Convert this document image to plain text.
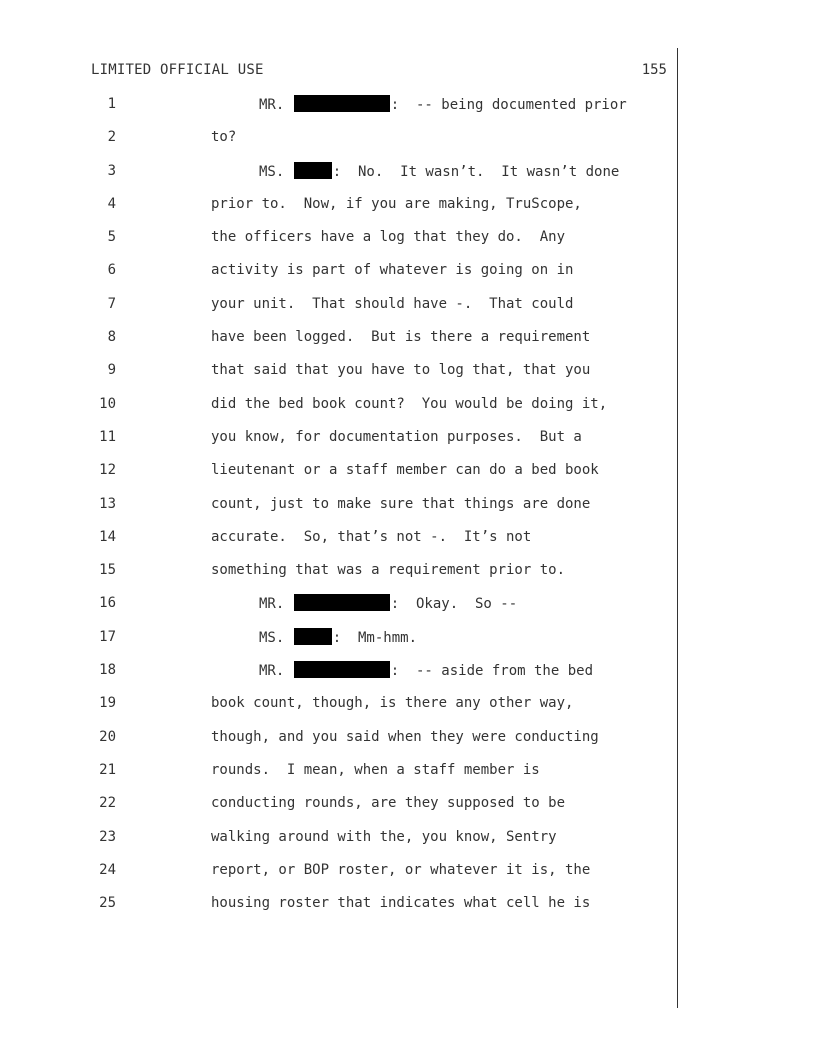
LIMITED OFFICIAL USE	155
1	MR.	:  -- being documented prior
2	to?
3	MS.	:  No.  It wasn’t.  It wasn’t done
4	prior to.  Now, if you are making, TruScope,
5	the officers have a log that they do.  Any
6	activity is part of whatever is going on in
7	your unit.  That should have -.  That could
8	have been logged.  But is there a requirement
9	that said that you have to log that, that you
10	did the bed book count?  You would be doing it,
11	you know, for documentation purposes.  But a
12	lieutenant or a staff member can do a bed book
13	count, just to make sure that things are done
14	accurate.  So, that’s not -.  It’s not
15	something that was a requirement prior to.
16	MR.	:  Okay.  So --
17	MS.	:  Mm-hmm.
18	MR.	:  -- aside from the bed
19	book count, though, is there any other way,
20	though, and you said when they were conducting
21	rounds.  I mean, when a staff member is
22	conducting rounds, are they supposed to be
23	walking around with the, you know, Sentry
24	report, or BOP roster, or whatever it is, the
25	housing roster that indicates what cell he is
